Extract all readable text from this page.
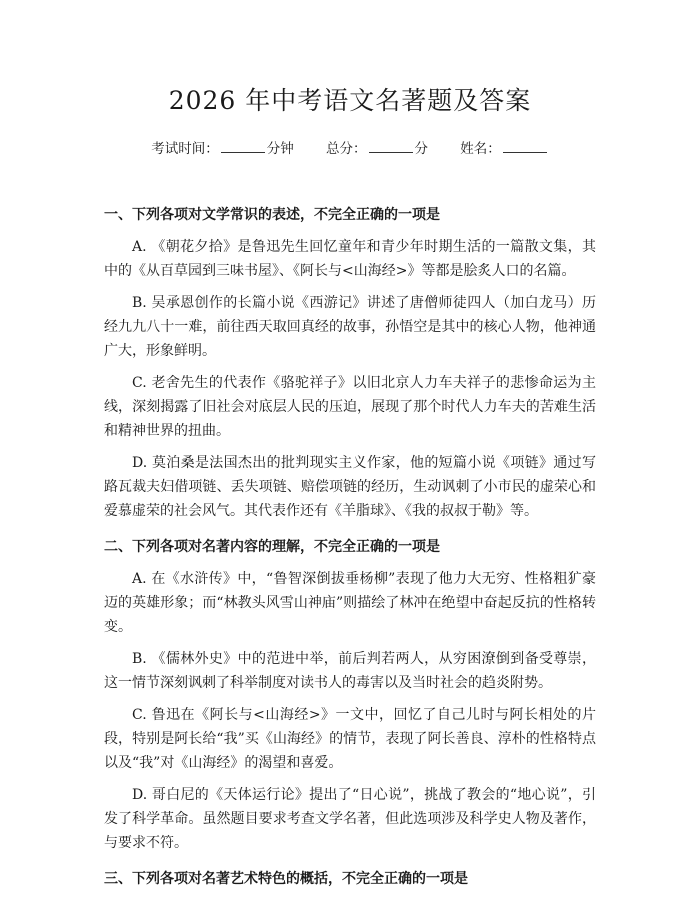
2026 年中考语文名著题及答案
考试时间：	分钟 总分：	分 姓名：

一、下列各项对文学常识的表述，不完全正确的一项是

A. 《朝花夕拾》是鲁迅先生回忆童年和青少年时期生活的一篇散文集，其中的《从百草园到三味书屋》、《阿长与<山海经>》等都是脍炙人口的名篇。

B. 吴承恩创作的长篇小说《西游记》讲述了唐僧师徒四人（加白龙马）历经九九八十一难，前往西天取回真经的故事，孙悟空是其中的核心人物，他神通广大，形象鲜明。

C. 老舍先生的代表作《骆驼祥子》以旧北京人力车夫祥子的悲惨命运为主线，深刻揭露了旧社会对底层人民的压迫，展现了那个时代人力车夫的苦难生活和精神世界的扭曲。

D. 莫泊桑是法国杰出的批判现实主义作家，他的短篇小说《项链》通过写路瓦裁夫妇借项链、丢失项链、赔偿项链的经历，生动讽刺了小市民的虚荣心和爱慕虚荣的社会风气。其代表作还有《羊脂球》、《我的叔叔于勒》等。

二、下列各项对名著内容的理解，不完全正确的一项是

A. 在《水浒传》中，“鲁智深倒拔垂杨柳”表现了他力大无穷、性格粗犷豪迈的英雄形象；而“林教头风雪山神庙”则描绘了林冲在绝望中奋起反抗的性格转变。

B. 《儒林外史》中的范进中举，前后判若两人，从穷困潦倒到备受尊崇，这一情节深刻讽刺了科举制度对读书人的毒害以及当时社会的趋炎附势。

C. 鲁迅在《阿长与<山海经>》一文中，回忆了自己儿时与阿长相处的片段，特别是阿长给“我”买《山海经》的情节，表现了阿长善良、淳朴的性格特点以及“我”对《山海经》的渴望和喜爱。

D. 哥白尼的《天体运行论》提出了“日心说”，挑战了教会的“地心说”，引发了科学革命。虽然题目要求考查文学名著，但此选项涉及科学史人物及著作，与要求不符。

三、下列各项对名著艺术特色的概括，不完全正确的一项是
